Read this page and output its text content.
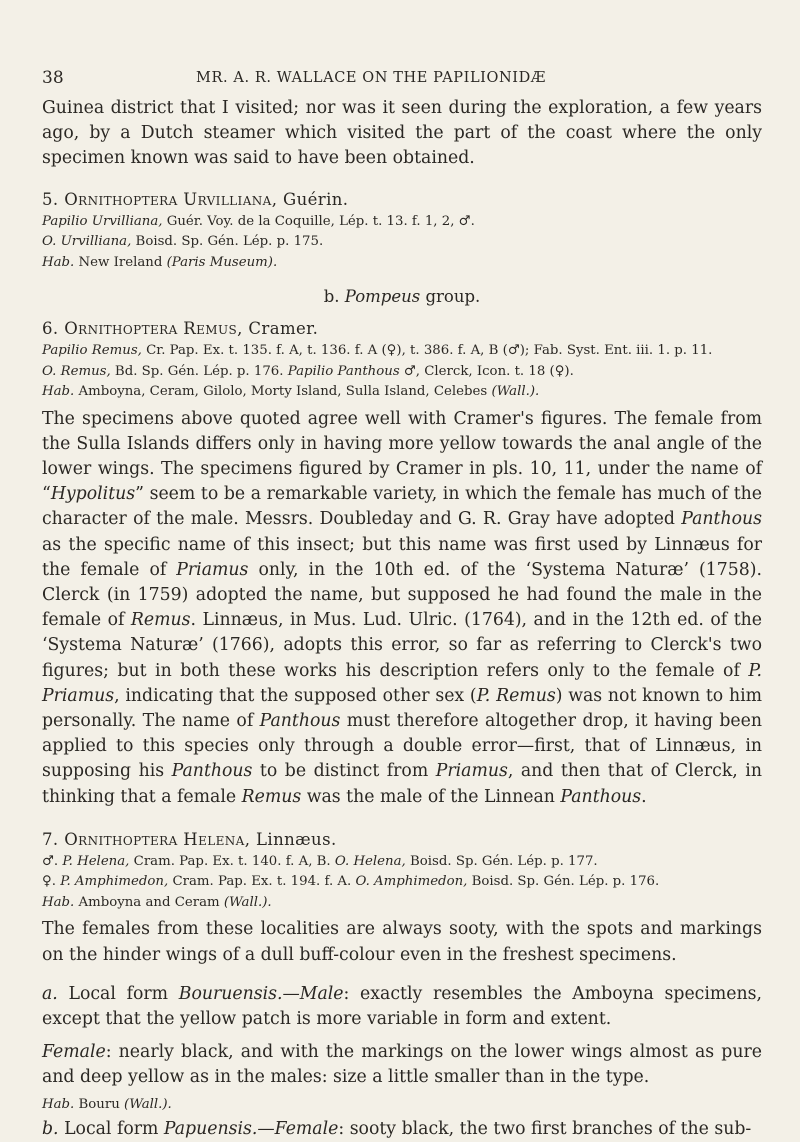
38	MR. A. R. WALLACE ON THE PAPILIONIDÆ

Guinea district that I visited; nor was it seen during the exploration, a few years ago, by a Dutch steamer which visited the part of the coast where the only specimen known was said to have been obtained.

5. Ornithoptera Urvilliana, Guérin.

Papilio Urvilliana, Guér. Voy. de la Coquille, Lép. t. 13. f. 1, 2, ♂.

O. Urvilliana, Boisd. Sp. Gén. Lép. p. 175.

Hab. New Ireland (Paris Museum).

b. Pompeus group.
6. Ornithoptera Remus, Cramer.

Papilio Remus, Cr. Pap. Ex. t. 135. f. A, t. 136. f. A (♀), t. 386. f. A, B (♂); Fab. Syst. Ent. iii. 1. p. 11.

O. Remus, Bd. Sp. Gén. Lép. p. 176. Papilio Panthous ♂, Clerck, Icon. t. 18 (♀).

Hab. Amboyna, Ceram, Gilolo, Morty Island, Sulla Island, Celebes (Wall.).

The specimens above quoted agree well with Cramer's figures. The female from the Sulla Islands differs only in having more yellow towards the anal angle of the lower wings. The specimens figured by Cramer in pls. 10, 11, under the name of “Hypolitus” seem to be a remarkable variety, in which the female has much of the character of the male. Messrs. Doubleday and G. R. Gray have adopted Panthous as the specific name of this insect; but this name was first used by Linnæus for the female of Priamus only, in the 10th ed. of the ‘Systema Naturæ’ (1758). Clerck (in 1759) adopted the name, but supposed he had found the male in the female of Remus. Linnæus, in Mus. Lud. Ulric. (1764), and in the 12th ed. of the ‘Systema Naturæ’ (1766), adopts this error, so far as referring to Clerck's two figures; but in both these works his description refers only to the female of P. Priamus, indicating that the supposed other sex (P. Remus) was not known to him personally. The name of Panthous must therefore altogether drop, it having been applied to this species only through a double error—first, that of Linnæus, in supposing his Panthous to be distinct from Priamus, and then that of Clerck, in thinking that a female Remus was the male of the Linnean Panthous.

7. Ornithoptera Helena, Linnæus.

♂. P. Helena, Cram. Pap. Ex. t. 140. f. A, B. O. Helena, Boisd. Sp. Gén. Lép. p. 177.

♀. P. Amphimedon, Cram. Pap. Ex. t. 194. f. A. O. Amphimedon, Boisd. Sp. Gén. Lép. p. 176.

Hab. Amboyna and Ceram (Wall.).

The females from these localities are always sooty, with the spots and markings on the hinder wings of a dull buff-colour even in the freshest specimens.

a. Local form Bouruensis.—Male: exactly resembles the Amboyna specimens, except that the yellow patch is more variable in form and extent.

Female: nearly black, and with the markings on the lower wings almost as pure and deep yellow as in the males: size a little smaller than in the type.

Hab. Bouru (Wall.).

b. Local form Papuensis.—Female: sooty black, the two first branches of the sub-
